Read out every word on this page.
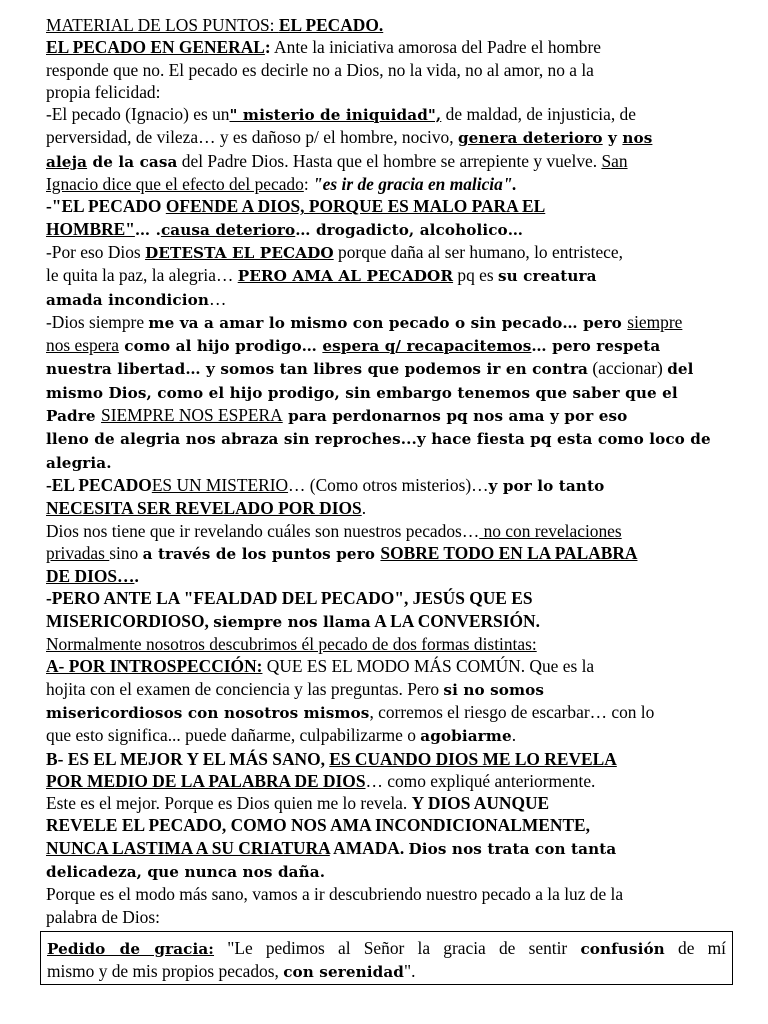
MATERIAL DE LOS PUNTOS: EL PECADO.
EL PECADO EN GENERAL: Ante la iniciativa amorosa del Padre el hombre
responde que no. El pecado es decirle no a Dios, no la vida, no al amor, no a la
propia felicidad:
-El pecado (Ignacio) es un" misterio de iniquidad", de maldad, de injusticia, de
perversidad, de vileza… y es dañoso p/ el hombre, nocivo, genera deterioro y nos
aleja de la casa del Padre Dios. Hasta que el hombre se arrepiente y vuelve. San
Ignacio dice que el efecto del pecado: "es ir de gracia en malicia".
-"EL PECADO OFENDE A DIOS, PORQUE ES MALO PARA EL
HOMBRE"… .causa deterioro… drogadicto, alcoholico…
-Por eso Dios DETESTA EL PECADO porque daña al ser humano, lo entristece,
le quita la paz, la alegria… PERO AMA AL PECADOR pq es su creatura
amada incondicion…
-Dios siempre me va a amar lo mismo con pecado o sin pecado… pero siempre
nos espera como al hijo prodigo… espera q/ recapacitemos… pero respeta
nuestra libertad… y somos tan libres que podemos ir en contra (accionar) del
mismo Dios, como el hijo prodigo, sin embargo tenemos que saber que el
Padre SIEMPRE NOS ESPERA para perdonarnos pq nos ama y por eso
lleno de alegria nos abraza sin reproches...y hace fiesta pq esta como loco de
alegria.
-EL PECADOES UN MISTERIO… (Como otros misterios)…y por lo tanto
NECESITA SER REVELADO POR DIOS.
Dios nos tiene que ir revelando cuáles son nuestros pecados… no con revelaciones
privadas sino a través de los puntos pero SOBRE TODO EN LA PALABRA
DE DIOS….
-PERO ANTE LA "FEALDAD DEL PECADO", JESÚS QUE ES
MISERICORDIOSO, siempre nos llama A LA CONVERSIÓN.
Normalmente nosotros descubrimos él pecado de dos formas distintas:
A- POR INTROSPECCIÓN: QUE ES EL MODO MÁS COMÚN. Que es la
hojita con el examen de conciencia y las preguntas. Pero si no somos
misericordiosos con nosotros mismos, corremos el riesgo de escarbar… con lo
que esto significa... puede dañarme, culpabilizarme o agobiarme.
B- ES EL MEJOR Y EL MÁS SANO, ES CUANDO DIOS ME LO REVELA
POR MEDIO DE LA PALABRA DE DIOS… como expliqué anteriormente.
Este es el mejor. Porque es Dios quien me lo revela. Y DIOS AUNQUE
REVELE EL PECADO, COMO NOS AMA INCONDICIONALMENTE,
NUNCA LASTIMA A SU CRIATURA AMADA. Dios nos trata con tanta
delicadeza, que nunca nos daña.
Porque es el modo más sano, vamos a ir descubriendo nuestro pecado a la luz de la
palabra de Dios:
Pedido de gracia: "Le pedimos al Señor la gracia de sentir confusión de mí
mismo y de mis propios pecados, con serenidad".
